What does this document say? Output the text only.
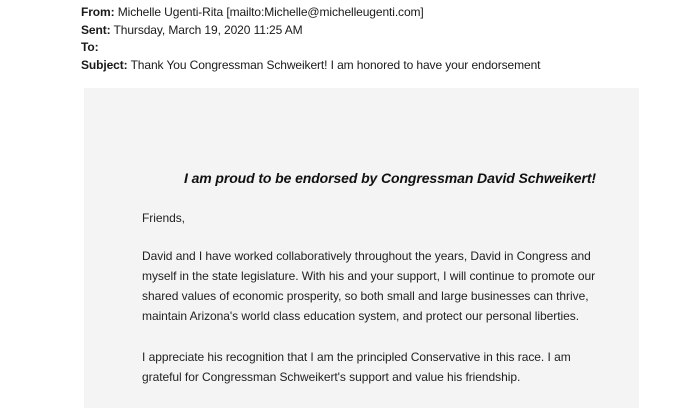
From: Michelle Ugenti-Rita [mailto:Michelle@michelleugenti.com]
Sent: Thursday, March 19, 2020 11:25 AM
To:
Subject: Thank You Congressman Schweikert! I am honored to have your endorsement
I am proud to be endorsed by Congressman David Schweikert!
Friends,
David and I have worked collaboratively throughout the years, David in Congress and myself in the state legislature. With his and your support, I will continue to promote our shared values of economic prosperity, so both small and large businesses can thrive, maintain Arizona's world class education system, and protect our personal liberties.
I appreciate his recognition that I am the principled Conservative in this race. I am grateful for Congressman Schweikert's support and value his friendship.
